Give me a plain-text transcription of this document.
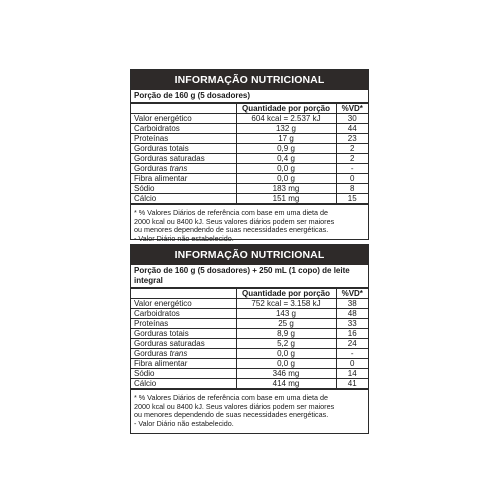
INFORMAÇÃO NUTRICIONAL
Porção de 160 g (5 dosadores)
	Quantidade por porção	%VD*
Valor energético	604 kcal = 2.537 kJ	30
Carboidratos	132 g	44
Proteínas	17 g	23
Gorduras totais	0,9 g	2
Gorduras saturadas	0,4 g	2
Gorduras trans	0,0 g	-
Fibra alimentar	0,0 g	0
Sódio	183 mg	8
Cálcio	151 mg	15
* % Valores Diários de referência com base em uma dieta de
2000 kcal ou 8400 kJ. Seus valores diários podem ser maiores
ou menores dependendo de suas necessidades energéticas.
- Valor Diário não estabelecido.
INFORMAÇÃO NUTRICIONAL
Porção de 160 g (5 dosadores) + 250 mL (1 copo) de leite integral
	Quantidade por porção	%VD*
Valor energético	752 kcal = 3.158 kJ	38
Carboidratos	143 g	48
Proteínas	25 g	33
Gorduras totais	8,9 g	16
Gorduras saturadas	5,2 g	24
Gorduras trans	0,0 g	-
Fibra alimentar	0,0 g	0
Sódio	346 mg	14
Cálcio	414 mg	41
* % Valores Diários de referência com base em uma dieta de
2000 kcal ou 8400 kJ. Seus valores diários podem ser maiores
ou menores dependendo de suas necessidades energéticas.
- Valor Diário não estabelecido.
